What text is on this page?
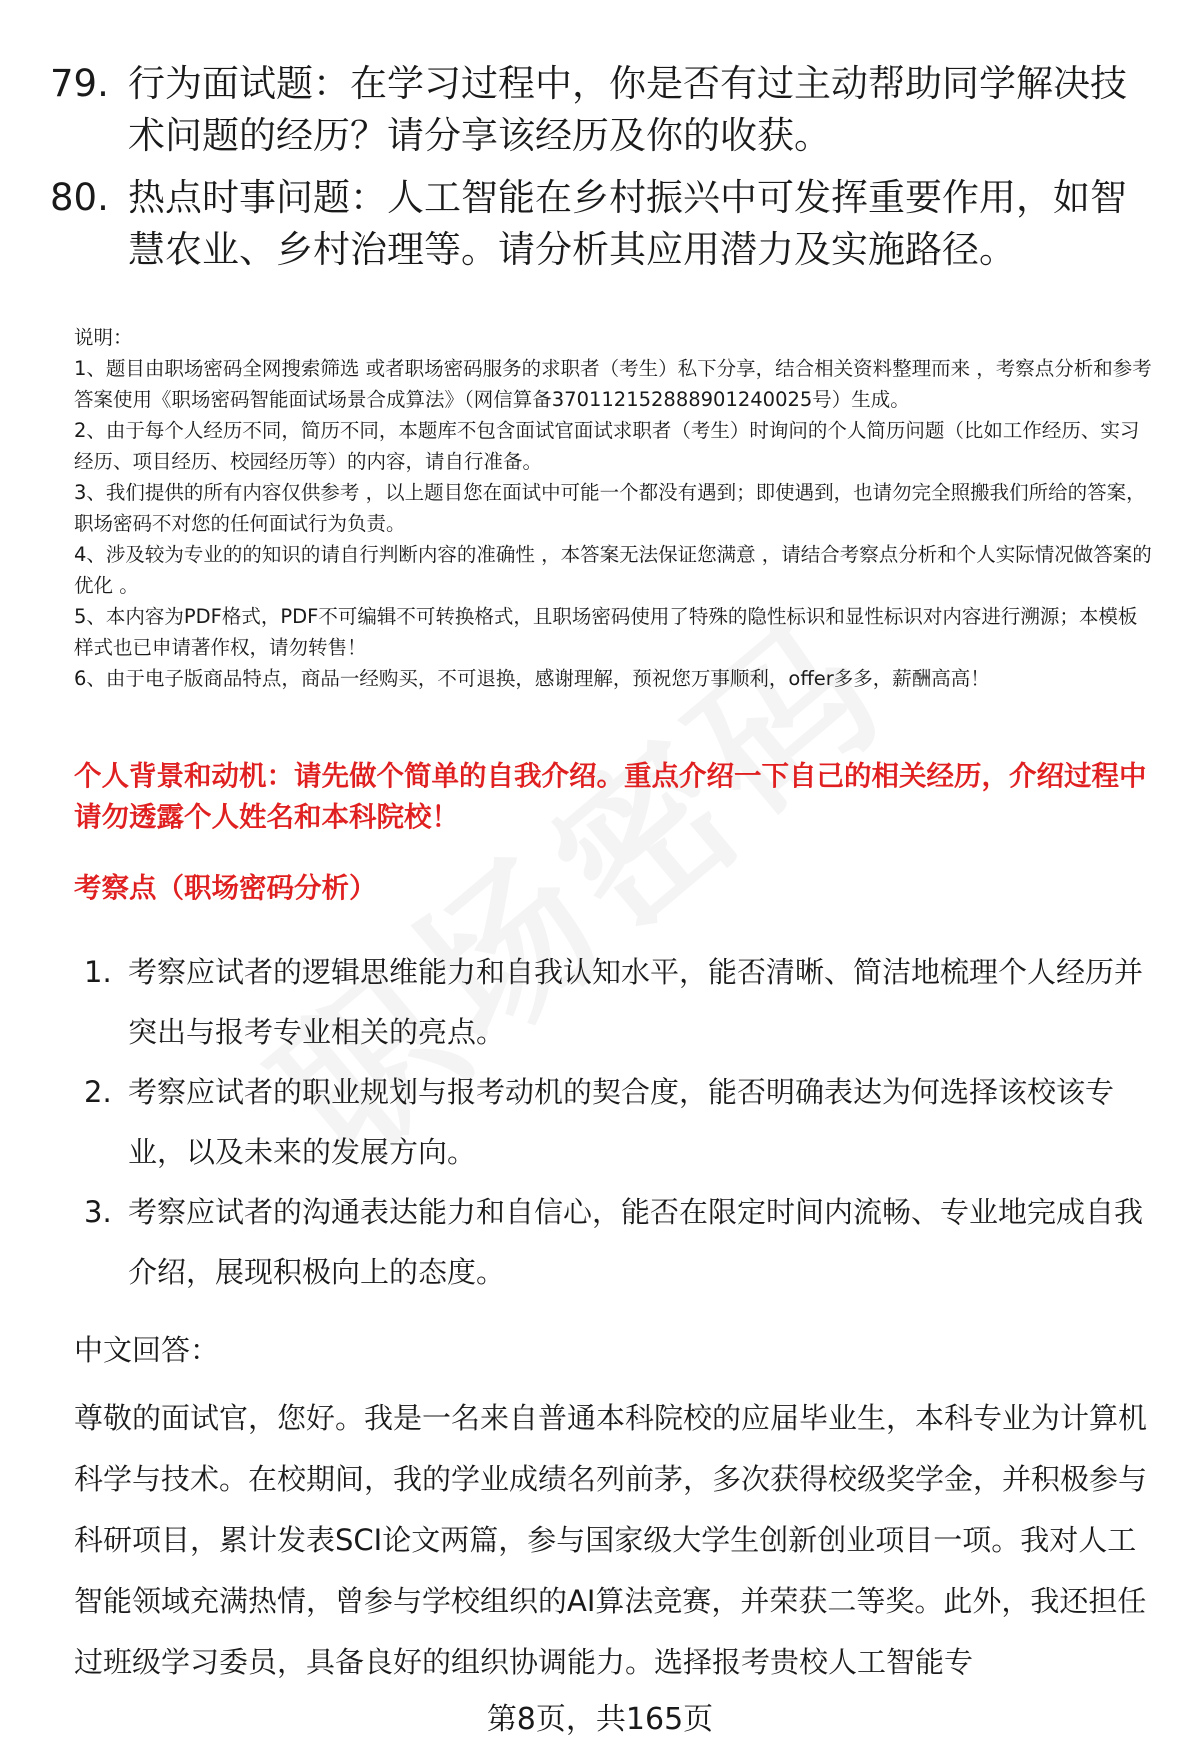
79. 行为面试题：在学习过程中，你是否有过主动帮助同学解决技术问题的经历？请分享该经历及你的收获。
80. 热点时事问题：人工智能在乡村振兴中可发挥重要作用，如智慧农业、乡村治理等。请分析其应用潜力及实施路径。
说明：
1、题目由职场密码全网搜索筛选 或者职场密码服务的求职者（考生）私下分享，结合相关资料整理而来 ，考察点分析和参考答案使用《职场密码智能面试场景合成算法》（网信算备370112152888901240025号）生成。
2、由于每个人经历不同，简历不同，本题库不包含面试官面试求职者（考生）时询问的个人简历问题（比如工作经历、实习经历、项目经历、校园经历等）的内容，请自行准备。
3、我们提供的所有内容仅供参考 ，以上题目您在面试中可能一个都没有遇到；即使遇到，也请勿完全照搬我们所给的答案，职场密码不对您的任何面试行为负责。
4、涉及较为专业的的知识的请自行判断内容的准确性 ，本答案无法保证您满意 ，请结合考察点分析和个人实际情况做答案的优化 。
5、本内容为PDF格式，PDF不可编辑不可转换格式，且职场密码使用了特殊的隐性标识和显性标识对内容进行溯源；本模板样式也已申请著作权，请勿转售！
6、由于电子版商品特点，商品一经购买，不可退换，感谢理解，预祝您万事顺利，offer多多，薪酬高高！
个人背景和动机：请先做个简单的自我介绍。重点介绍一下自己的相关经历，介绍过程中请勿透露个人姓名和本科院校！
考察点（职场密码分析）
1. 考察应试者的逻辑思维能力和自我认知水平，能否清晰、简洁地梳理个人经历并突出与报考专业相关的亮点。
2. 考察应试者的职业规划与报考动机的契合度，能否明确表达为何选择该校该专业，以及未来的发展方向。
3. 考察应试者的沟通表达能力和自信心，能否在限定时间内流畅、专业地完成自我介绍，展现积极向上的态度。
中文回答：
尊敬的面试官，您好。我是一名来自普通本科院校的应届毕业生，本科专业为计算机科学与技术。在校期间，我的学业成绩名列前茅，多次获得校级奖学金，并积极参与科研项目，累计发表SCI论文两篇，参与国家级大学生创新创业项目一项。我对人工智能领域充满热情，曾参与学校组织的AI算法竞赛，并荣获二等奖。此外，我还担任过班级学习委员，具备良好的组织协调能力。选择报考贵校人工智能专
第8页，共165页
